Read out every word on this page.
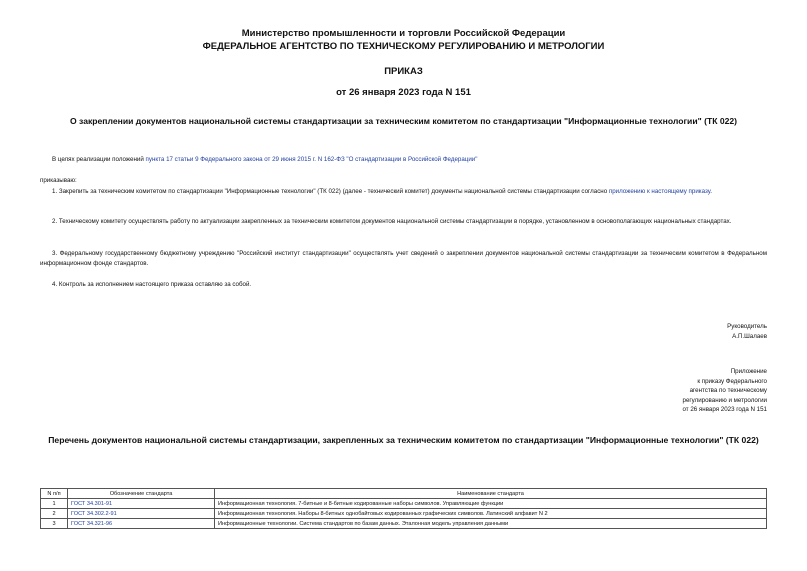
Министерство промышленности и торговли Российской Федерации
ФЕДЕРАЛЬНОЕ АГЕНТСТВО ПО ТЕХНИЧЕСКОМУ РЕГУЛИРОВАНИЮ И МЕТРОЛОГИИ
ПРИКАЗ
от 26 января 2023 года N 151
О закреплении документов национальной системы стандартизации за техническим комитетом по стандартизации "Информационные технологии" (ТК 022)
В целях реализации положений пункта 17 статьи 9 Федерального закона от 29 июня 2015 г. N 162-ФЗ "О стандартизации в Российской Федерации"
приказываю:
1. Закрепить за техническим комитетом по стандартизации "Информационные технологии" (ТК 022) (далее - технический комитет) документы национальной системы стандартизации согласно приложению к настоящему приказу.
2. Техническому комитету осуществлять работу по актуализации закрепленных за техническим комитетом документов национальной системы стандартизации в порядке, установленном в основополагающих национальных стандартах.
3. Федеральному государственному бюджетному учреждению "Российский институт стандартизации" осуществлять учет сведений о закреплении документов национальной системы стандартизации за техническим комитетом в Федеральном информационном фонде стандартов.
4. Контроль за исполнением настоящего приказа оставляю за собой.
Руководитель
А.П.Шалаев
Приложение
к приказу Федерального
агентства по техническому
регулированию и метрологии
от 26 января 2023 года N 151
Перечень документов национальной системы стандартизации, закрепленных за техническим комитетом по стандартизации "Информационные технологии" (ТК 022)
N п/п	Обозначение стандарта	Наименование стандарта
1	ГОСТ 34.301-91	Информационная технология. 7-битные и 8-битные кодированные наборы символов. Управляющие функции
2	ГОСТ 34.302.2-91	Информационная технология. Наборы 8-битных однобайтовых кодированных графических символов. Латинский алфавит N 2
3	ГОСТ 34.321-96	Информационные технологии. Система стандартов по базам данных. Эталонная модель управления данными
